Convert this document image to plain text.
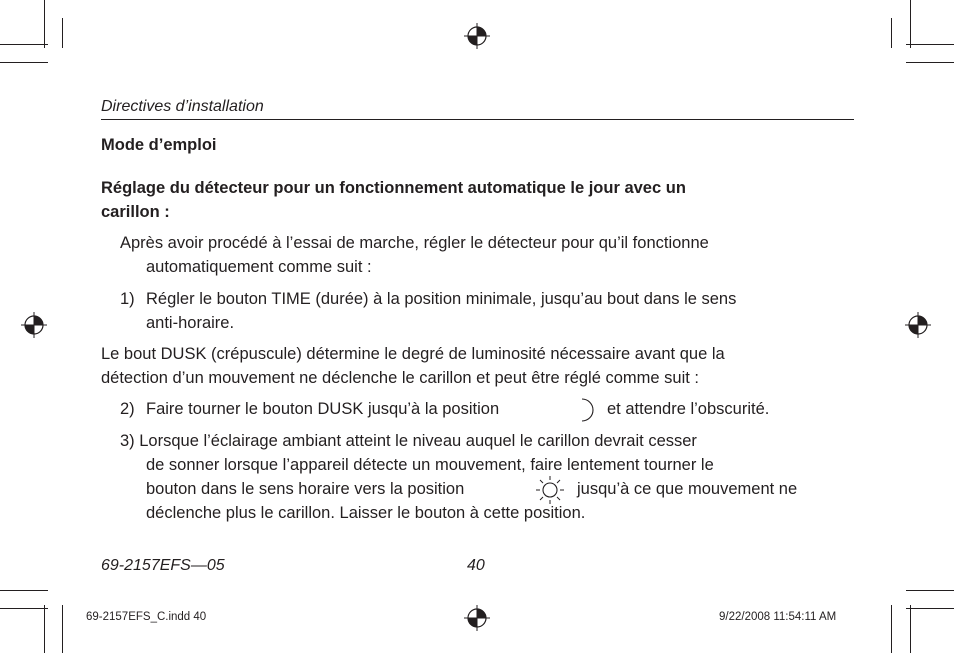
Directives d’installation
Mode d’emploi
Réglage du détecteur pour un fonctionnement automatique le jour avec un
carillon :
Après avoir procédé à l’essai de marche, régler le détecteur pour qu’il fonctionne
automatiquement comme suit :
1) Régler le bouton TIME (durée) à la position minimale, jusqu’au bout dans le sens
anti-horaire.
Le bout DUSK (crépuscule) détermine le degré de luminosité nécessaire avant que la
détection d’un mouvement ne déclenche le carillon et peut être réglé comme suit :
2) Faire tourner le bouton DUSK jusqu’à la position	et attendre l’obscurité.
3) Lorsque l’éclairage ambiant atteint le niveau auquel le carillon devrait cesser
de sonner lorsque l’appareil détecte un mouvement, faire lentement tourner le
bouton dans le sens horaire vers la position	jusqu’à ce que mouvement ne
déclenche plus le carillon. Laisser le bouton à cette position.
69-2157EFS—05	40
69-2157EFS_C.indd 40	9/22/2008 11:54:11 AM
